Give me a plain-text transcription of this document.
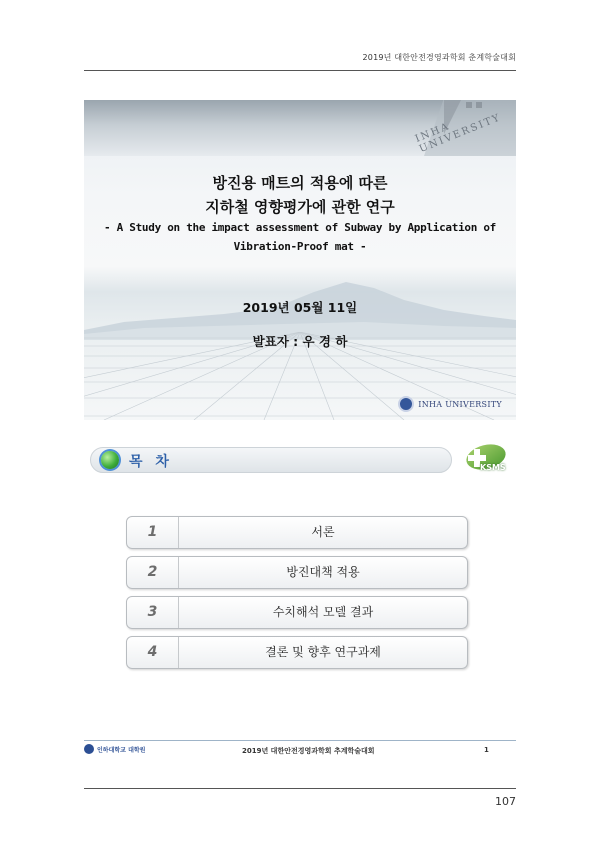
2019년 대한안전경영과학회 춘계학술대회
INHA UNIVERSITY
방진용 매트의 적용에 따른
지하철 영향평가에 관한 연구
- A Study on the impact assessment of Subway by Application of
Vibration-Proof mat -
2019년 05월 11일
발표자 : 우 경 하
INHA UNIVERSITY
목 차	KSMS
1	서론
2	방진대책 적용
3	수치해석 모델 결과
4	결론 및 향후 연구과제
인하대학교 대학원	2019년 대한안전경영과학회 추계학술대회	1
107
